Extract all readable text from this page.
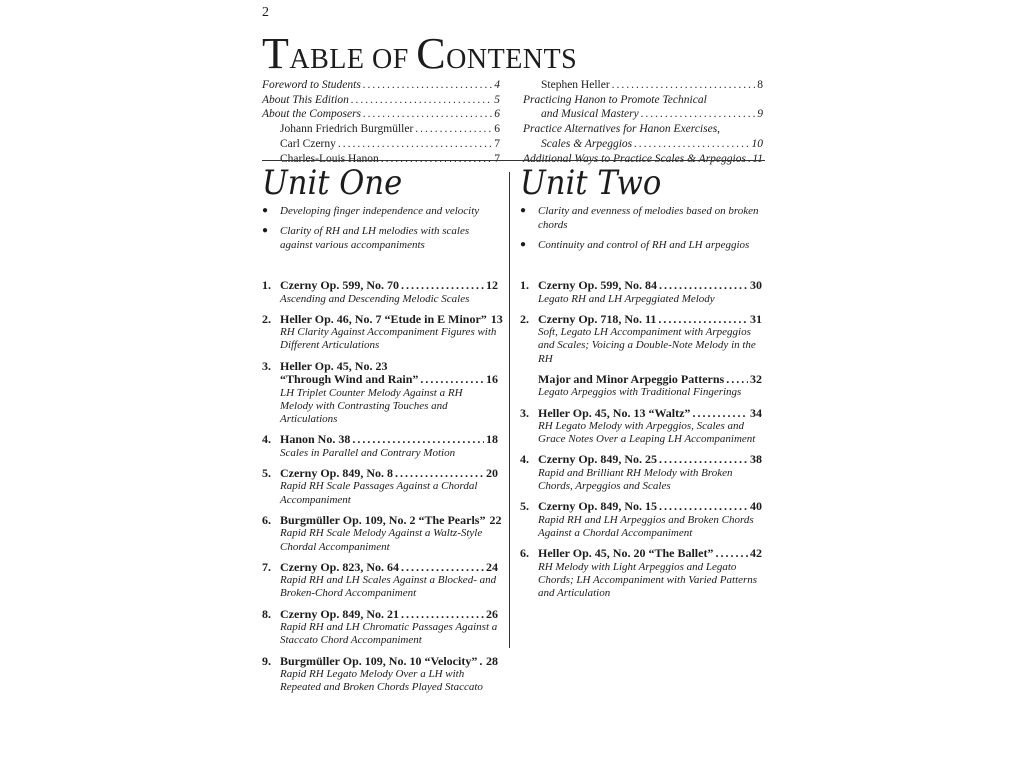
2
TABLE OF CONTENTS
Foreword to Students .....	4
About This Edition .....	5
About the Composers .....	6
Johann Friedrich Burgmüller .....	6
Carl Czerny .....	7
Charles-Louis Hanon .....	7
Stephen Heller .....	8
Practicing Hanon to Promote Technical
and Musical Mastery .....	9
Practice Alternatives for Hanon Exercises,
Scales & Arpeggios .....	10
Additional Ways to Practice Scales & Arpeggios ..... 11
Unit One	Unit Two
●	Developing finger independence and velocity
●	Clarity of RH and LH melodies with scales against various accompaniments
●	Clarity and evenness of melodies based on broken chords
●	Continuity and control of RH and LH arpeggios
1. Czerny Op. 599, No. 70 .....	12
Ascending and Descending Melodic Scales
2. Heller Op. 46, No. 7 “Etude in E Minor” 13
RH Clarity Against Accompaniment Figures with Different Articulations
3. Heller Op. 45, No. 23
“Through Wind and Rain” .....	16
LH Triplet Counter Melody Against a RH Melody with Contrasting Touches and Articulations
4. Hanon No. 38 .....	18
Scales in Parallel and Contrary Motion
5. Czerny Op. 849, No. 8 .....	20
Rapid RH Scale Passages Against a Chordal Accompaniment
6. Burgmüller Op. 109, No. 2 “The Pearls” 22
Rapid RH Scale Melody Against a Waltz-Style Chordal Accompaniment
7. Czerny Op. 823, No. 64 .....	24
Rapid RH and LH Scales Against a Blocked- and Broken-Chord Accompaniment
8. Czerny Op. 849, No. 21 .....	26
Rapid RH and LH Chromatic Passages Against a Staccato Chord Accompaniment
9. Burgmüller Op. 109, No. 10 “Velocity” ..... 28
Rapid RH Legato Melody Over a LH with Repeated and Broken Chords Played Staccato
1. Czerny Op. 599, No. 84 .....	30
Legato RH and LH Arpeggiated Melody
2. Czerny Op. 718, No. 11 .....	31
Soft, Legato LH Accompaniment with Arpeggios and Scales; Voicing a Double-Note Melody in the RH
Major and Minor Arpeggio Patterns ..... 32
Legato Arpeggios with Traditional Fingerings
3. Heller Op. 45, No. 13 “Waltz” .....	34
RH Legato Melody with Arpeggios, Scales and Grace Notes Over a Leaping LH Accompaniment
4. Czerny Op. 849, No. 25 .....	38
Rapid and Brilliant RH Melody with Broken Chords, Arpeggios and Scales
5. Czerny Op. 849, No. 15 .....	40
Rapid RH and LH Arpeggios and Broken Chords Against a Chordal Accompaniment
6. Heller Op. 45, No. 20 “The Ballet” .....	42
RH Melody with Light Arpeggios and Legato Chords; LH Accompaniment with Varied Patterns and Articulation
